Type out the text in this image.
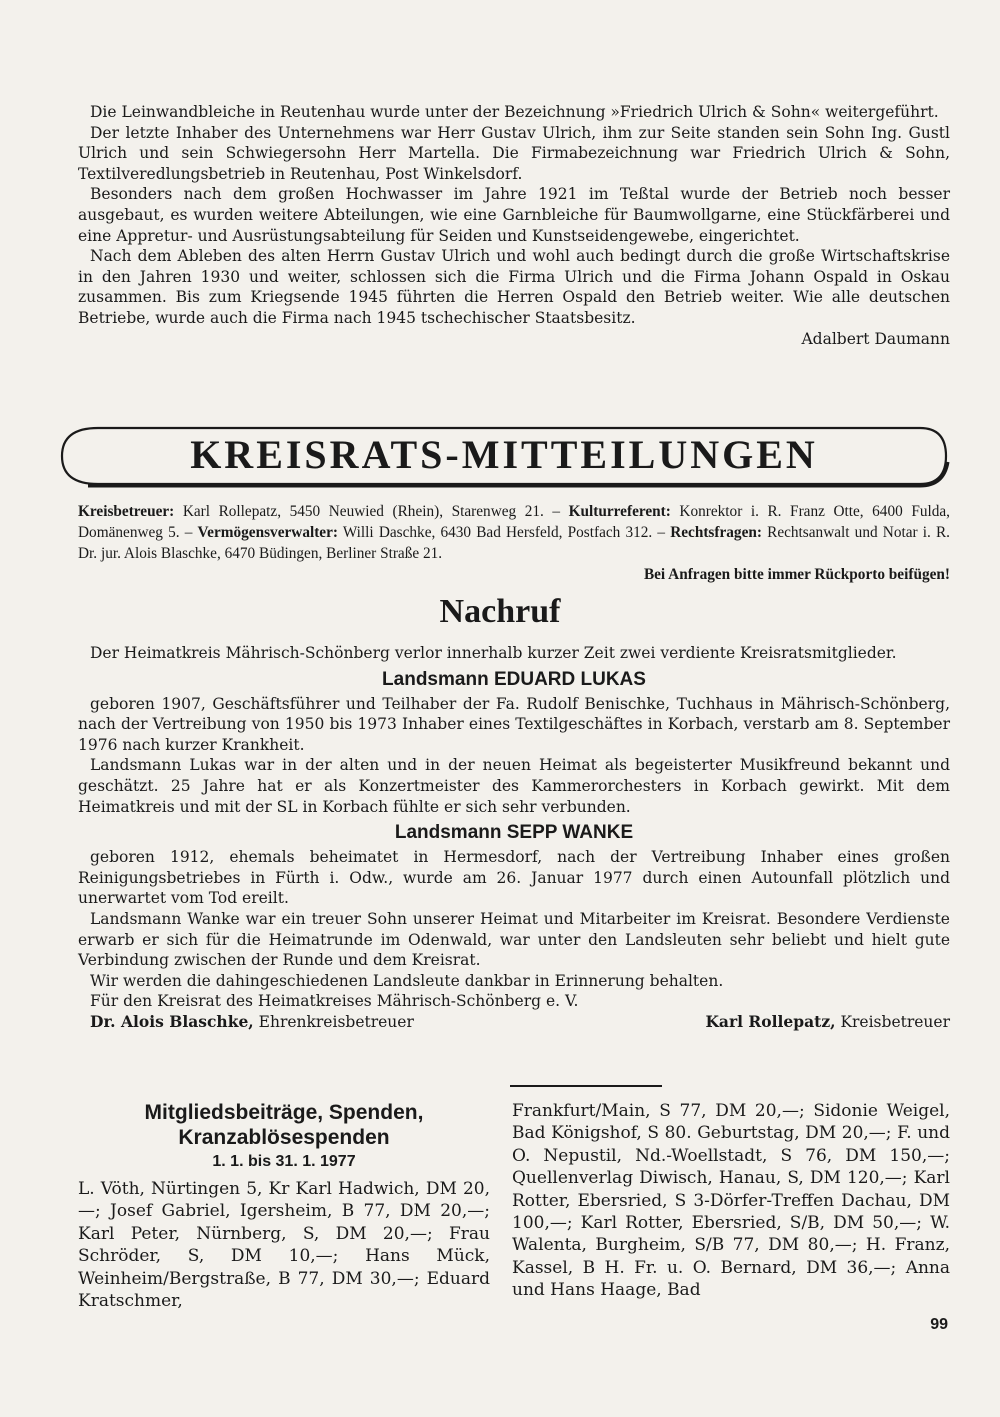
Die Leinwandbleiche in Reutenhau wurde unter der Bezeichnung »Friedrich Ulrich & Sohn« weitergeführt.

Der letzte Inhaber des Unternehmens war Herr Gustav Ulrich, ihm zur Seite standen sein Sohn Ing. Gustl Ulrich und sein Schwiegersohn Herr Martella. Die Firmabezeichnung war Friedrich Ulrich & Sohn, Textilveredlungsbetrieb in Reutenhau, Post Winkelsdorf.

Besonders nach dem großen Hochwasser im Jahre 1921 im Teßtal wurde der Betrieb noch besser ausgebaut, es wurden weitere Abteilungen, wie eine Garnbleiche für Baumwollgarne, eine Stückfärberei und eine Appretur- und Ausrüstungsabteilung für Seiden und Kunstseidengewebe, eingerichtet.

Nach dem Ableben des alten Herrn Gustav Ulrich und wohl auch bedingt durch die große Wirtschaftskrise in den Jahren 1930 und weiter, schlossen sich die Firma Ulrich und die Firma Johann Ospald in Oskau zusammen. Bis zum Kriegsende 1945 führten die Herren Ospald den Betrieb weiter. Wie alle deutschen Betriebe, wurde auch die Firma nach 1945 tschechischer Staatsbesitz.

Adalbert Daumann

KREISRATS-MITTEILUNGEN

Kreisbetreuer: Karl Rollepatz, 5450 Neuwied (Rhein), Starenweg 21. – Kulturreferent: Konrektor i. R. Franz Otte, 6400 Fulda, Domänenweg 5. – Vermögensverwalter: Willi Daschke, 6430 Bad Hersfeld, Postfach 312. – Rechtsfragen: Rechtsanwalt und Notar i. R. Dr. jur. Alois Blaschke, 6470 Büdingen, Berliner Straße 21.

Bei Anfragen bitte immer Rückporto beifügen!

Nachruf

Der Heimatkreis Mährisch-Schönberg verlor innerhalb kurzer Zeit zwei verdiente Kreisratsmitglieder.

Landsmann EDUARD LUKAS

geboren 1907, Geschäftsführer und Teilhaber der Fa. Rudolf Benischke, Tuchhaus in Mährisch-Schönberg, nach der Vertreibung von 1950 bis 1973 Inhaber eines Textilgeschäftes in Korbach, verstarb am 8. September 1976 nach kurzer Krankheit.

Landsmann Lukas war in der alten und in der neuen Heimat als begeisterter Musikfreund bekannt und geschätzt. 25 Jahre hat er als Konzertmeister des Kammerorchesters in Korbach gewirkt. Mit dem Heimatkreis und mit der SL in Korbach fühlte er sich sehr verbunden.

Landsmann SEPP WANKE

geboren 1912, ehemals beheimatet in Hermesdorf, nach der Vertreibung Inhaber eines großen Reinigungsbetriebes in Fürth i. Odw., wurde am 26. Januar 1977 durch einen Autounfall plötzlich und unerwartet vom Tod ereilt.

Landsmann Wanke war ein treuer Sohn unserer Heimat und Mitarbeiter im Kreisrat. Besondere Verdienste erwarb er sich für die Heimatrunde im Odenwald, war unter den Landsleuten sehr beliebt und hielt gute Verbindung zwischen der Runde und dem Kreisrat.

Wir werden die dahingeschiedenen Landsleute dankbar in Erinnerung behalten.

Für den Kreisrat des Heimatkreises Mährisch-Schönberg e. V.

Dr. Alois Blaschke, Ehrenkreisbetreuer	Karl Rollepatz, Kreisbetreuer
Mitgliedsbeiträge, Spenden,
Kranzablösespenden
1. 1. bis 31. 1. 1977

L. Vöth, Nürtingen 5, Kr Karl Hadwich, DM 20,—; Josef Gabriel, Igersheim, B 77, DM 20,—; Karl Peter, Nürnberg, S, DM 20,—; Frau Schröder, S, DM 10,—; Hans Mück, Weinheim/Bergstraße, B 77, DM 30,—; Eduard Kratschmer,

Frankfurt/Main, S 77, DM 20,—; Sidonie Weigel, Bad Königshof, S 80. Geburtstag, DM 20,—; F. und O. Nepustil, Nd.-Woellstadt, S 76, DM 150,—; Quellenverlag Diwisch, Hanau, S, DM 120,—; Karl Rotter, Ebersried, S 3-Dörfer-Treffen Dachau, DM 100,—; Karl Rotter, Ebersried, S/B, DM 50,—; W. Walenta, Burgheim, S/B 77, DM 80,—; H. Franz, Kassel, B H. Fr. u. O. Bernard, DM 36,—; Anna und Hans Haage, Bad

99
